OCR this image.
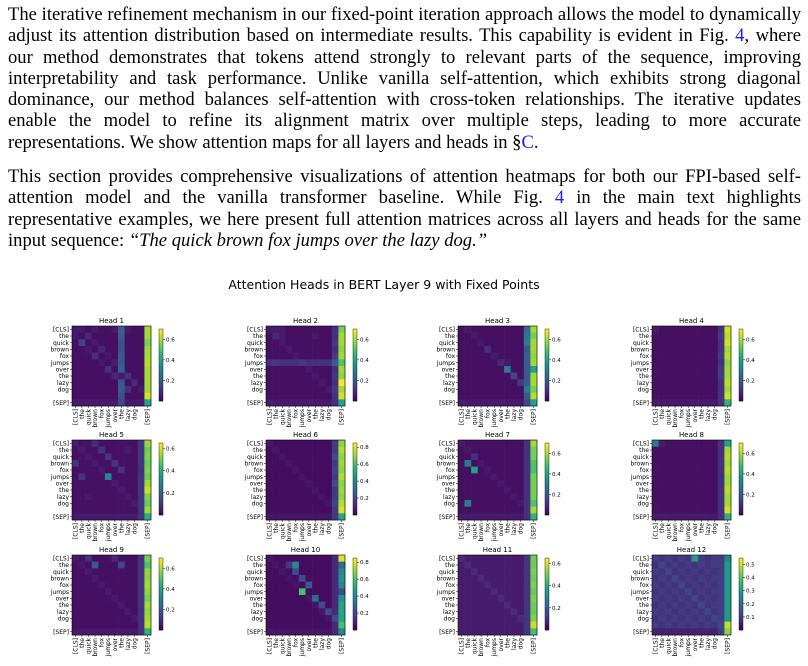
The iterative refinement mechanism in our fixed-point iteration approach allows the model to dynamically adjust its attention distribution based on intermediate results. This capability is evident in Fig. 4, where our method demonstrates that tokens attend strongly to relevant parts of the sequence, improving interpretability and task performance. Unlike vanilla self-attention, which exhibits strong diagonal dominance, our method balances self-attention with cross-token relationships. The iterative updates enable the model to refine its alignment matrix over multiple steps, leading to more accurate representations. We show attention maps for all layers and heads in §C.

This section provides comprehensive visualizations of attention heatmaps for both our FPI-based self-attention model and the vanilla transformer baseline. While Fig. 4 in the main text highlights representative examples, we here present full attention matrices across all layers and heads for the same input sequence: “The quick brown fox jumps over the lazy dog.”

Attention Heads in BERT Layer 9 with Fixed Points
Head 1
[CLS]
the
quick
brown
fox
jumps
over
the
lazy
dog
[SEP]
[CLS] the quick brown fox jumps over the lazy dog [SEP]
0.2
0.4
0.6
Head 2
[CLS]
the
quick
brown
fox
jumps
over
the
lazy
dog
[SEP]
[CLS] the quick brown fox jumps over the lazy dog [SEP]
0.2
0.4
0.6
Head 3
[CLS]
the
quick
brown
fox
jumps
over
the
lazy
dog
[SEP]
[CLS] the quick brown fox jumps over the lazy dog [SEP]
0.2
0.4
0.6
Head 4
[CLS]
the
quick
brown
fox
jumps
over
the
lazy
dog
[SEP]
[CLS] the quick brown fox jumps over the lazy dog [SEP]
0.2
0.4
0.6
Head 5
[CLS]
the
quick
brown
fox
jumps
over
the
lazy
dog
[SEP]
[CLS] the quick brown fox jumps over the lazy dog [SEP]
0.2
0.4
0.6
Head 6
[CLS]
the
quick
brown
fox
jumps
over
the
lazy
dog
[SEP]
[CLS] the quick brown fox jumps over the lazy dog [SEP]
0.2
0.4
0.6
0.8
Head 7
[CLS]
the
quick
brown
fox
jumps
over
the
lazy
dog
[SEP]
[CLS] the quick brown fox jumps over the lazy dog [SEP]
0.2
0.4
0.6
Head 8
[CLS]
the
quick
brown
fox
jumps
over
the
lazy
dog
[SEP]
[CLS] the quick brown fox jumps over the lazy dog [SEP]
0.2
0.4
0.6
Head 9
[CLS]
the
quick
brown
fox
jumps
over
the
lazy
dog
[SEP]
[CLS] the quick brown fox jumps over the lazy dog [SEP]
0.2
0.4
0.6
Head 10
[CLS]
the
quick
brown
fox
jumps
over
the
lazy
dog
[SEP]
[CLS] the quick brown fox jumps over the lazy dog [SEP]
0.2
0.4
0.6
0.8
Head 11
[CLS]
the
quick
brown
fox
jumps
over
the
lazy
dog
[SEP]
[CLS] the quick brown fox jumps over the lazy dog [SEP]
0.2
0.4
0.6
Head 12
[CLS]
the
quick
brown
fox
jumps
over
the
lazy
dog
[SEP]
[CLS] the quick brown fox jumps over the lazy dog [SEP]
0.1
0.2
0.3
0.4
0.5
